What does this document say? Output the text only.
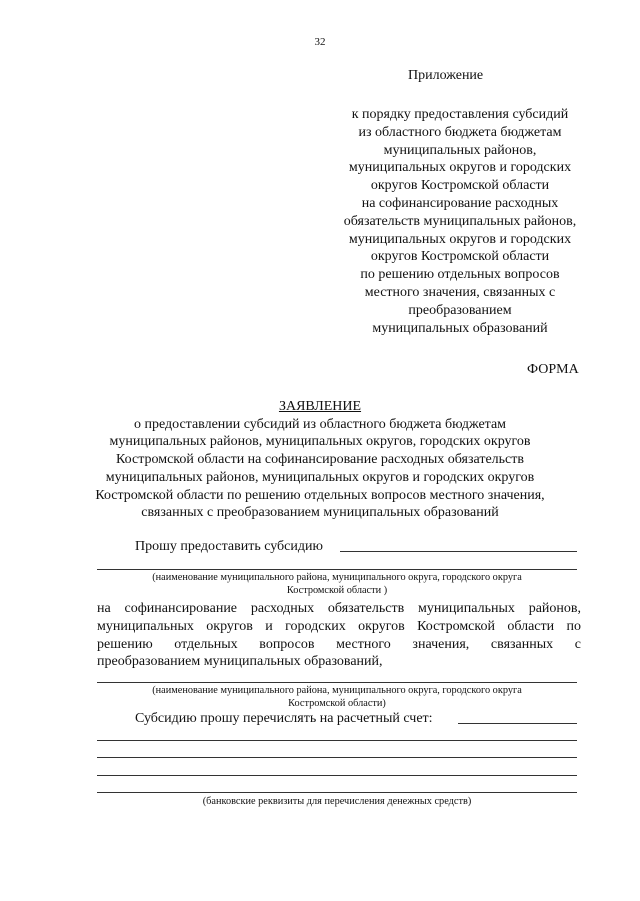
32
Приложение
к порядку предоставления субсидий
из областного бюджета бюджетам
муниципальных районов,
муниципальных округов и городских
округов Костромской области
на софинансирование расходных
обязательств муниципальных районов,
муниципальных округов и городских
округов Костромской области
по решению отдельных вопросов
местного значения, связанных с
преобразованием
муниципальных образований
ФОРМА
ЗАЯВЛЕНИЕ
о предоставлении субсидий из областного бюджета бюджетам
муниципальных районов, муниципальных округов, городских округов
Костромской области на софинансирование расходных обязательств
муниципальных районов, муниципальных округов и городских округов
Костромской области по решению отдельных вопросов местного значения,
связанных с преобразованием муниципальных образований
Прошу предоставить субсидию
(наименование муниципального района, муниципального округа, городского округа
Костромской области )
на софинансирование расходных обязательств муниципальных районов,
муниципальных округов и городских округов Костромской области по
решению отдельных вопросов местного значения, связанных с
преобразованием муниципальных образований,
(наименование муниципального района, муниципального округа, городского округа
Костромской области)
Субсидию прошу перечислять на расчетный счет:
(банковские реквизиты для перечисления денежных средств)
